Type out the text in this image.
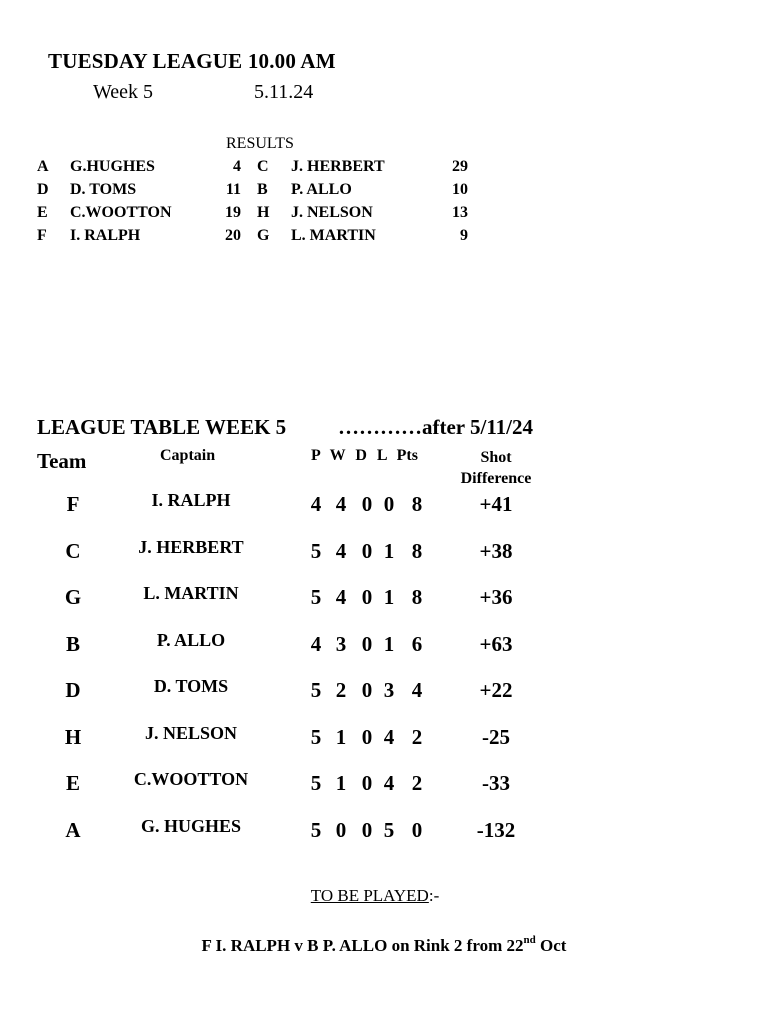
TUESDAY LEAGUE 10.00 AM
Week 5	5.11.24
RESULTS
A G.HUGHES	4 C J. HERBERT	29
D D. TOMS	11 B P. ALLO	10
E C.WOOTTON	19 H J. NELSON	13
F I. RALPH	20 G L. MARTIN	9
LEAGUE TABLE WEEK 5 …………after 5/11/24
Team	Captain	P  W  D  L  Pts	Shot
Difference
F	I. RALPH	4 4 0 0 8	+41
C	J. HERBERT	5 4 0 1 8	+38
G	L. MARTIN	5 4 0 1 8	+36
B	P. ALLO	4 3 0 1 6	+63
D	D. TOMS	5 2 0 3 4	+22
H	J. NELSON	5 1 0 4 2	-25
E	C.WOOTTON	5 1 0 4 2	-33
A	G. HUGHES	5 0 0 5 0	-132
TO BE PLAYED:-
F I. RALPH v B P. ALLO on Rink 2 from 22nd Oct
